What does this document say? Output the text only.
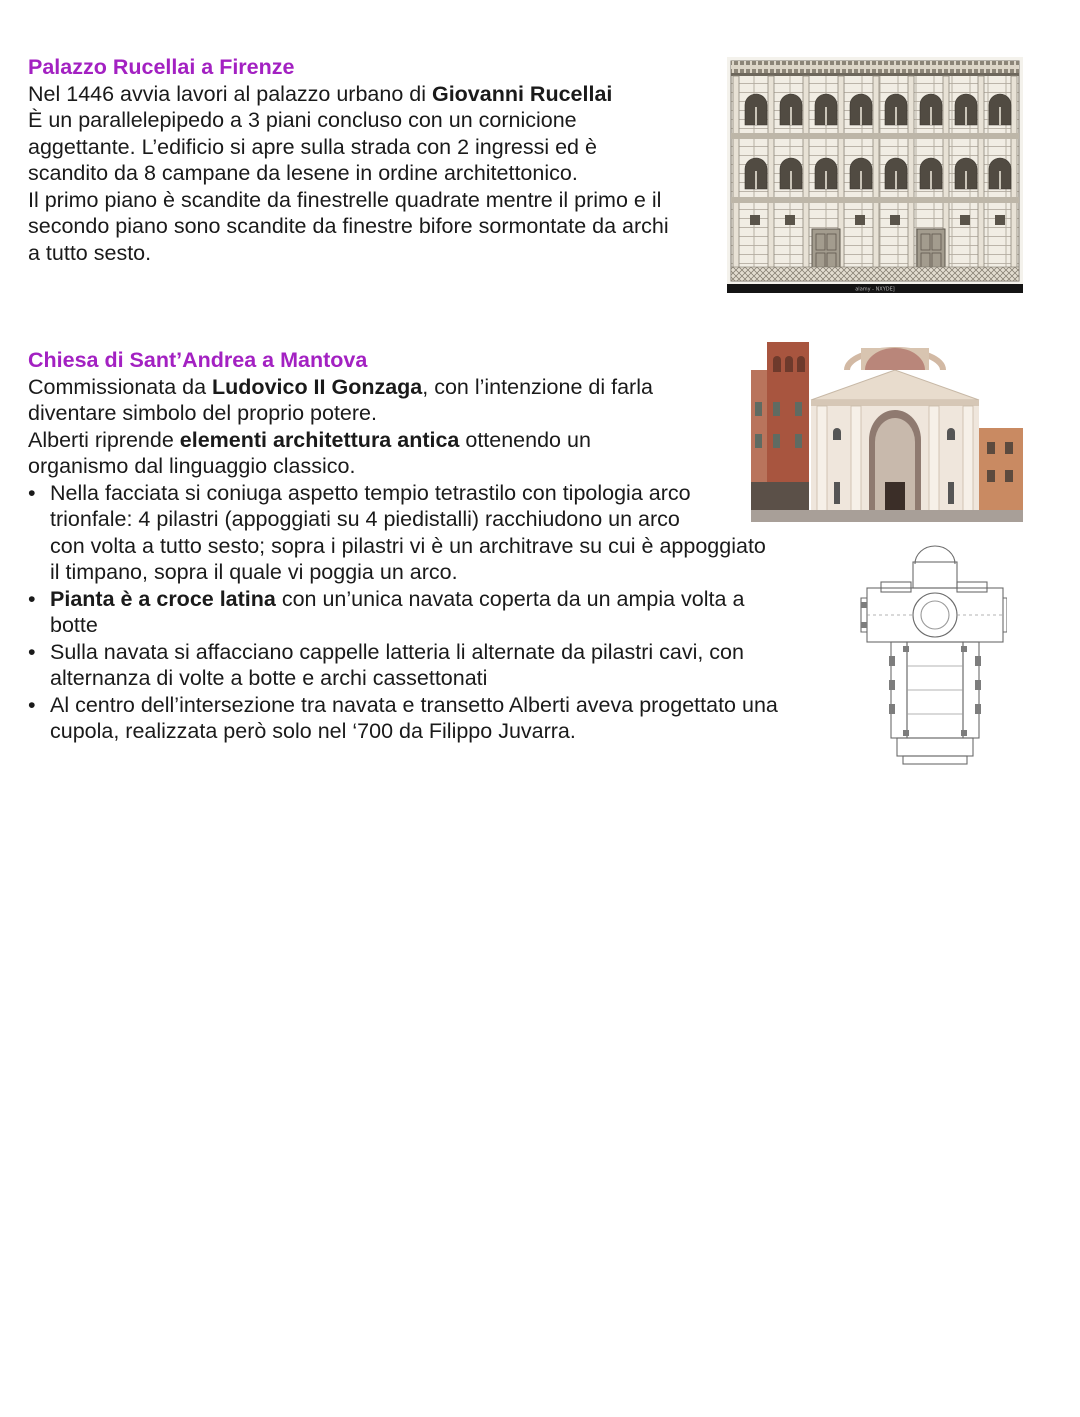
Palazzo Rucellai a Firenze
Nel 1446 avvia lavori al palazzo urbano di Giovanni Rucellai
È un parallelepipedo a 3 piani concluso con un cornicione
aggettante. L’edificio si apre sulla strada con 2 ingressi ed è
scandito da 8 campane da lesene in ordine architettonico.
Il primo piano è scandite da finestrelle quadrate mentre il primo e il
secondo piano sono scandite da finestre bifore sormontate da archi
a tutto sesto.
alamy - NXYDE]
Chiesa di Sant’Andrea a Mantova
Commissionata da Ludovico II Gonzaga, con l’intenzione di farla
diventare simbolo del proprio potere.
Alberti riprende elementi architettura antica ottenendo un
organismo dal linguaggio classico.
• Nella facciata si coniuga aspetto tempio tetrastilo con tipologia arco
trionfale: 4 pilastri (appoggiati su 4 piedistalli) racchiudono un arco
con volta a tutto sesto; sopra i pilastri vi è un architrave su cui è appoggiato
il timpano, sopra il quale vi poggia un arco.
• Pianta è a croce latina con un’unica navata coperta da un ampia volta a
botte
• Sulla navata si affacciano cappelle latteria li alternate da pilastri cavi, con
alternanza di volte a botte e archi cassettonati
• Al centro dell’intersezione tra navata e transetto Alberti aveva progettato una
cupola, realizzata però solo nel ‘700 da Filippo Juvarra.
